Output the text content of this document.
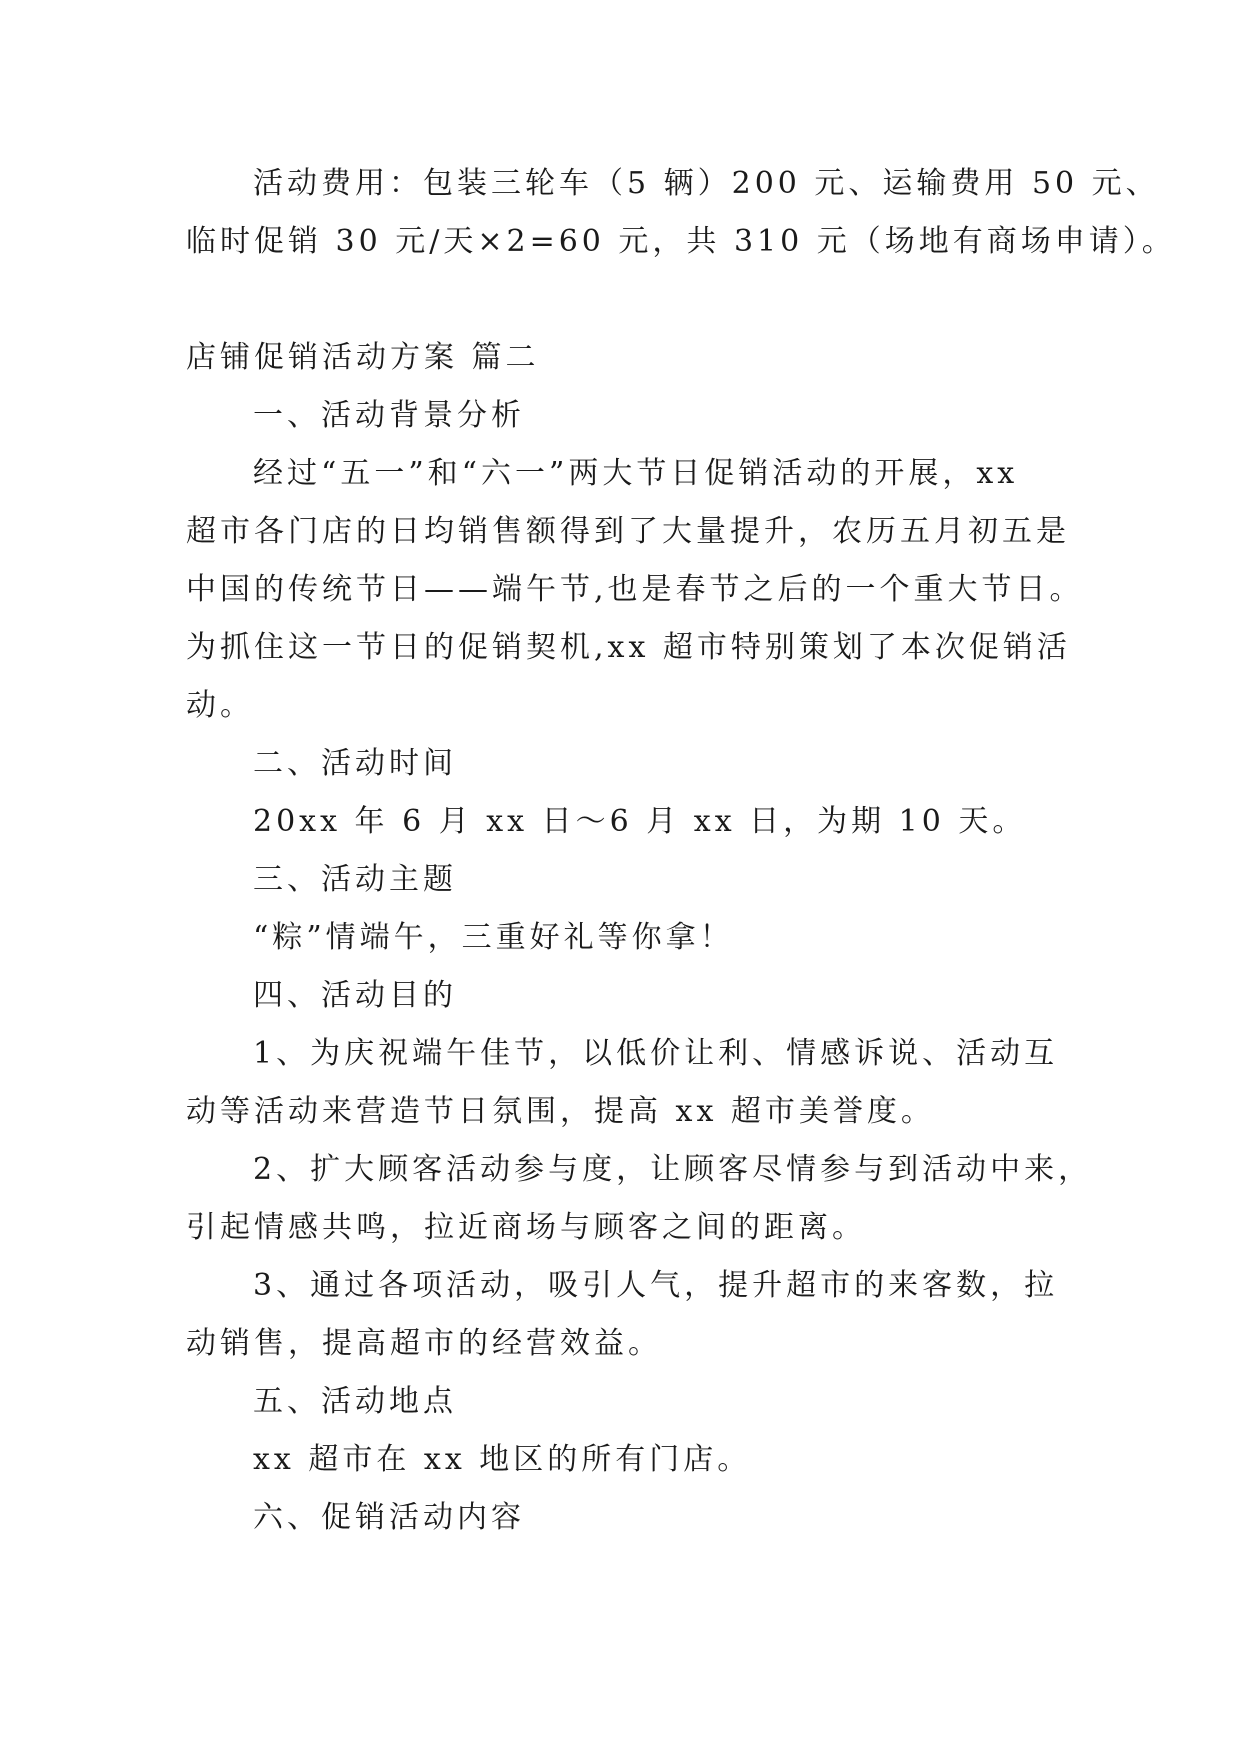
活动费用：包装三轮车（5 辆）200 元、运输费用 50 元、
临时促销 30 元/天×2=60 元，共 310 元（场地有商场申请）。
店铺促销活动方案 篇二
一、活动背景分析
经过“五一”和“六一”两大节日促销活动的开展，xx
超市各门店的日均销售额得到了大量提升，农历五月初五是
中国的传统节日——端午节,也是春节之后的一个重大节日。
为抓住这一节日的促销契机,xx 超市特别策划了本次促销活
动。
二、活动时间
20xx 年 6 月 xx 日～6 月 xx 日，为期 10 天。
三、活动主题
“粽”情端午，三重好礼等你拿！
四、活动目的
1、为庆祝端午佳节，以低价让利、情感诉说、活动互
动等活动来营造节日氛围，提高 xx 超市美誉度。
2、扩大顾客活动参与度，让顾客尽情参与到活动中来，
引起情感共鸣，拉近商场与顾客之间的距离。
3、通过各项活动，吸引人气，提升超市的来客数，拉
动销售，提高超市的经营效益。
五、活动地点
xx 超市在 xx 地区的所有门店。
六、促销活动内容
